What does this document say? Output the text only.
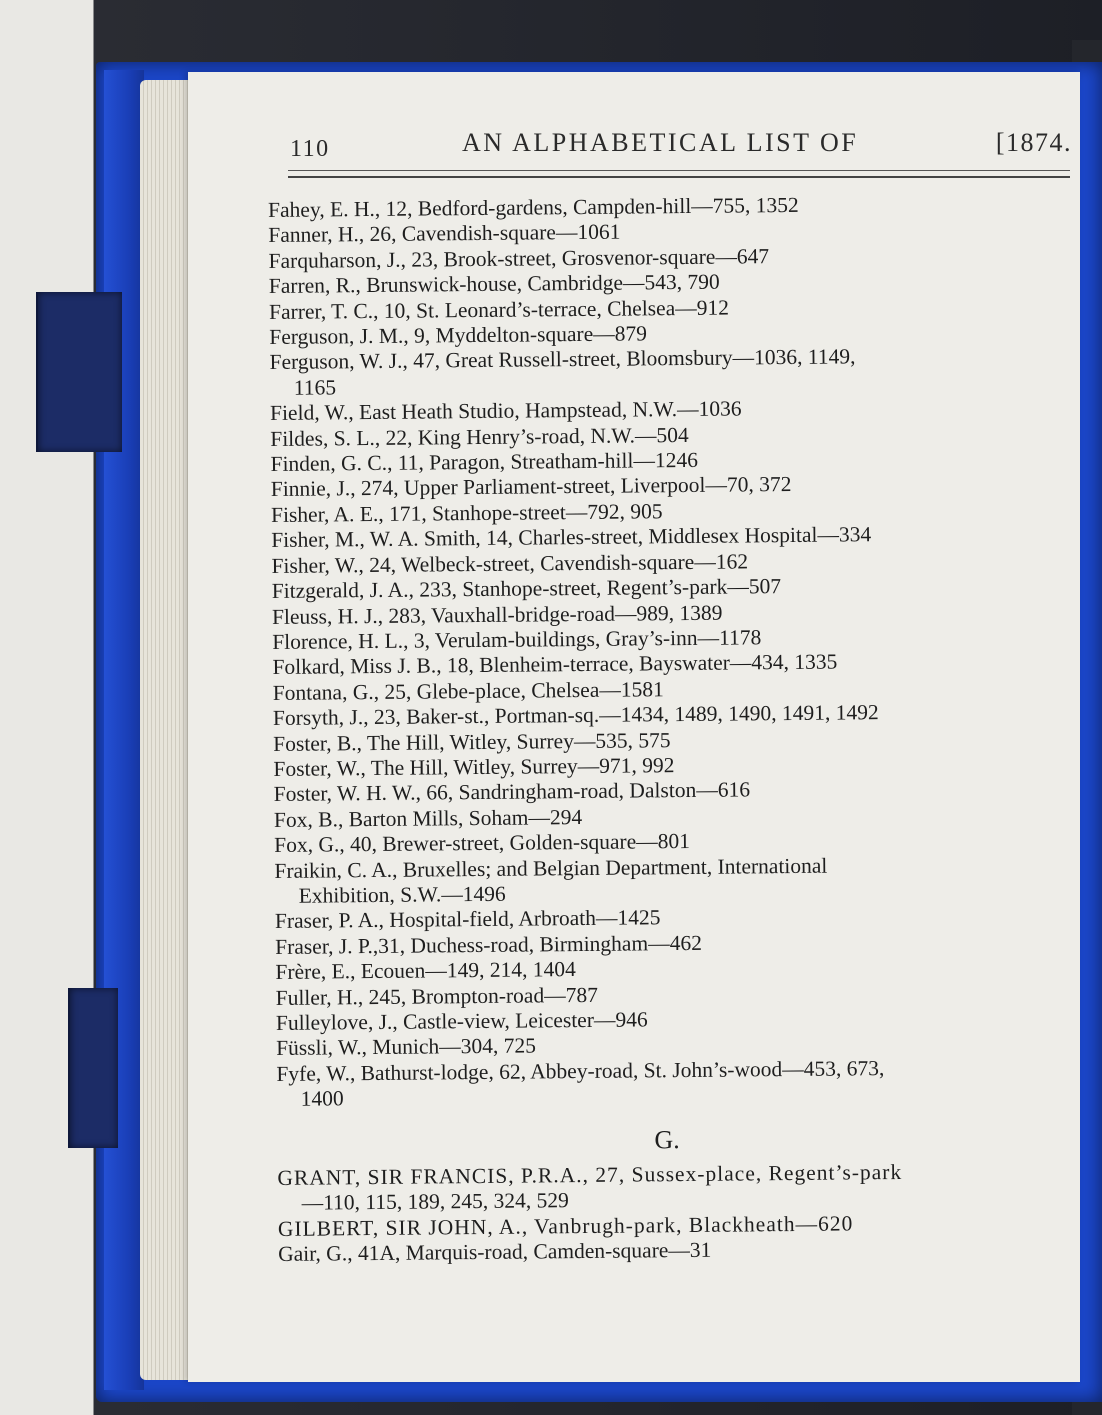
110	AN ALPHABETICAL LIST OF	[1874.
Fahey, E. H., 12, Bedford-gardens, Campden-hill—755, 1352
Fanner, H., 26, Cavendish-square—1061
Farquharson, J., 23, Brook-street, Grosvenor-square—647
Farren, R., Brunswick-house, Cambridge—543, 790
Farrer, T. C., 10, St. Leonard’s-terrace, Chelsea—912
Ferguson, J. M., 9, Myddelton-square—879
Ferguson, W. J., 47, Great Russell-street, Bloomsbury—1036, 1149,
1165
Field, W., East Heath Studio, Hampstead, N.W.—1036
Fildes, S. L., 22, King Henry’s-road, N.W.—504
Finden, G. C., 11, Paragon, Streatham-hill—1246
Finnie, J., 274, Upper Parliament-street, Liverpool—70, 372
Fisher, A. E., 171, Stanhope-street—792, 905
Fisher, M., W. A. Smith, 14, Charles-street, Middlesex Hospital—334
Fisher, W., 24, Welbeck-street, Cavendish-square—162
Fitzgerald, J. A., 233, Stanhope-street, Regent’s-park—507
Fleuss, H. J., 283, Vauxhall-bridge-road—989, 1389
Florence, H. L., 3, Verulam-buildings, Gray’s-inn—1178
Folkard, Miss J. B., 18, Blenheim-terrace, Bayswater—434, 1335
Fontana, G., 25, Glebe-place, Chelsea—1581
Forsyth, J., 23, Baker-st., Portman-sq.—1434, 1489, 1490, 1491, 1492
Foster, B., The Hill, Witley, Surrey—535, 575
Foster, W., The Hill, Witley, Surrey—971, 992
Foster, W. H. W., 66, Sandringham-road, Dalston—616
Fox, B., Barton Mills, Soham—294
Fox, G., 40, Brewer-street, Golden-square—801
Fraikin, C. A., Bruxelles; and Belgian Department, International
Exhibition, S.W.—1496
Fraser, P. A., Hospital-field, Arbroath—1425
Fraser, J. P.,31, Duchess-road, Birmingham—462
Frère, E., Ecouen—149, 214, 1404
Fuller, H., 245, Brompton-road—787
Fulleylove, J., Castle-view, Leicester—946
Füssli, W., Munich—304, 725
Fyfe, W., Bathurst-lodge, 62, Abbey-road, St. John’s-wood—453, 673,
1400
G.
GRANT, SIR FRANCIS, P.R.A., 27, Sussex-place, Regent’s-park
—110, 115, 189, 245, 324, 529
GILBERT, SIR JOHN, A., Vanbrugh-park, Blackheath—620
Gair, G., 41A, Marquis-road, Camden-square—31
